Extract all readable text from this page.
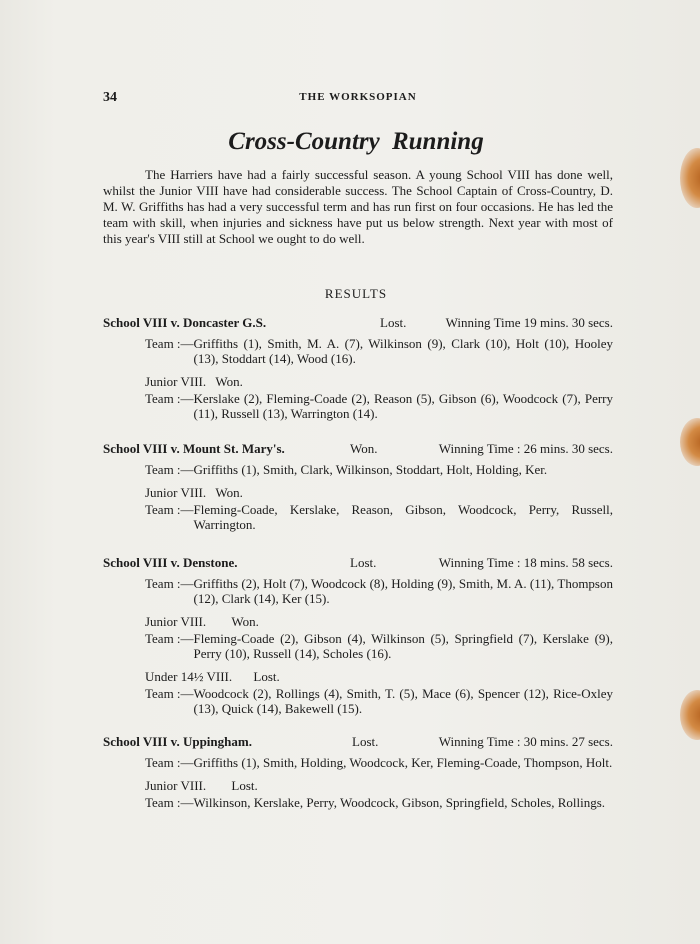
34	THE WORKSOPIAN
Cross-Country Running

The Harriers have had a fairly successful season. A young School VIII has done well, whilst the Junior VIII have had considerable success. The School Captain of Cross-Country, D. M. W. Griffiths has had a very successful term and has run first on four occasions. He has led the team with skill, when injuries and sickness have put us below strength. Next year with most of this year's VIII still at School we ought to do well.

RESULTS
School VIII v. Doncaster G.S.	Lost.	Winning Time 19 mins. 30 secs.
Team :— Griffiths (1), Smith, M. A. (7), Wilkinson (9), Clark (10), Holt (10), Hooley (13), Stoddart (14), Wood (16).
Junior VIII. Won.
Team :— Kerslake (2), Fleming-Coade (2), Reason (5), Gibson (6), Woodcock (7), Perry (11), Russell (13), Warrington (14).
School VIII v. Mount St. Mary's.	Won.	Winning Time : 26 mins. 30 secs.
Team :— Griffiths (1), Smith, Clark, Wilkinson, Stoddart, Holt, Holding, Ker.
Junior VIII. Won.
Team :— Fleming-Coade, Kerslake, Reason, Gibson, Woodcock, Perry, Russell, Warrington.
School VIII v. Denstone.	Lost.	Winning Time : 18 mins. 58 secs.
Team :— Griffiths (2), Holt (7), Woodcock (8), Holding (9), Smith, M. A. (11), Thompson (12), Clark (14), Ker (15).
Junior VIII. Won.
Team :— Fleming-Coade (2), Gibson (4), Wilkinson (5), Springfield (7), Kerslake (9), Perry (10), Russell (14), Scholes (16).
Under 14½ VIII. Lost.
Team :— Woodcock (2), Rollings (4), Smith, T. (5), Mace (6), Spencer (12), Rice-Oxley (13), Quick (14), Bakewell (15).
School VIII v. Uppingham.	Lost.	Winning Time : 30 mins. 27 secs.
Team :— Griffiths (1), Smith, Holding, Woodcock, Ker, Fleming-Coade, Thompson, Holt.
Junior VIII. Lost.
Team :— Wilkinson, Kerslake, Perry, Woodcock, Gibson, Springfield, Scholes, Rollings.
